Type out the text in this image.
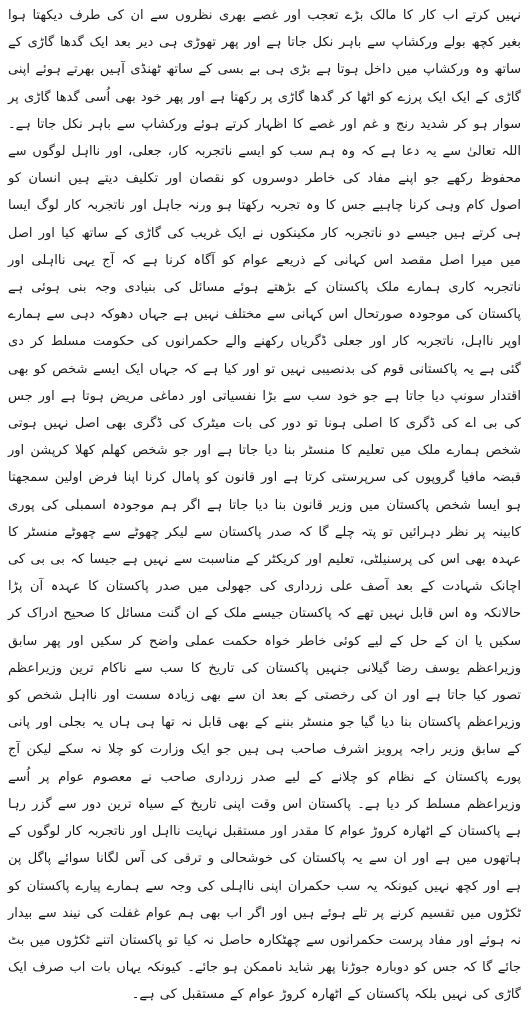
نہیں کرتے اب کار کا مالک بڑے تعجب اور غصے بھری نظروں سے ان کی طرف دیکھتا ہوا بغیر کچھ بولے ورکشاپ سے باہر نکل جاتا ہے اور پھر تھوڑی ہی دیر بعد ایک گدھا گاڑی کے ساتھ وہ ورکشاپ میں داخل ہوتا ہے بڑی ہی بے بسی کے ساتھ ٹھنڈی آہیں بھرتے ہوئے اپنی گاڑی کے ایک ایک پرزے کو اٹھا کر گدھا گاڑی پر رکھتا ہے اور پھر خود بھی اُسی گدھا گاڑی پر سوار ہو کر شدید رنج و غم اور غصے کا اظہار کرتے ہوئے ورکشاپ سے باہر نکل جاتا ہے۔ اللہ تعالیٰ سے یہ دعا ہے کہ وہ ہم سب کو ایسے ناتجربہ کار، جعلی، اور نااہل لوگوں سے محفوظ رکھے جو اپنے مفاد کی خاطر دوسروں کو نقصان اور تکلیف دیتے ہیں انسان کو اصول کام وہی کرنا چاہیے جس کا وہ تجربہ رکھتا ہو ورنہ جاہل اور ناتجربہ کار لوگ ایسا ہی کرتے ہیں جیسے دو ناتجربہ کار مکینکوں نے ایک غریب کی گاڑی کے ساتھ کیا اور اصل میں میرا اصل مقصد اس کہانی کے ذریعے عوام کو آگاہ کرنا ہے کہ آج یہی نااہلی اور ناتجربہ کاری ہمارے ملک پاکستان کے بڑھتے ہوئے مسائل کی بنیادی وجہ بنی ہوئی ہے پاکستان کی موجودہ صورتحال اس کہانی سے مختلف نہیں ہے جہاں دھوکہ دہی سے ہمارے اوپر نااہل، ناتجربہ کار اور جعلی ڈگریاں رکھنے والے حکمرانوں کی حکومت مسلط کر دی گئی ہے یہ پاکستانی قوم کی بدنصیبی نہیں تو اور کیا ہے کہ جہاں ایک ایسے شخص کو بھی اقتدار سونپ دیا جاتا ہے جو خود سب سے بڑا نفسیاتی اور دماغی مریض ہوتا ہے اور جس کی بی اے کی ڈگری کا اصلی ہونا تو دور کی بات میٹرک کی ڈگری بھی اصل نہیں ہوتی شخص ہمارے ملک میں تعلیم کا منسٹر بنا دیا جاتا ہے اور جو شخص کھلم کھلا کرپشن اور قبضہ مافیا گروپوں کی سرپرستی کرتا ہے اور قانون کو پامال کرنا اپنا فرض اولین سمجھتا ہو ایسا شخص پاکستان میں وزیر قانون بنا دیا جاتا ہے اگر ہم موجودہ اسمبلی کی پوری کابینہ پر نظر دہرائیں تو پتہ چلے گا کہ صدر پاکستان سے لیکر چھوٹے سے چھوٹے منسٹر کا عہدہ بھی اس کی پرسنیلٹی، تعلیم اور کریکٹر کے مناسبت سے نہیں ہے جیسا کہ بی بی کی اچانک شہادت کے بعد آصف علی زرداری کی جھولی میں صدر پاکستان کا عہدہ آن پڑا حالانکہ وہ اس قابل نہیں تھے کہ پاکستان جیسے ملک کے ان گنت مسائل کا صحیح ادراک کر سکیں یا ان کے حل کے لیے کوئی خاطر خواہ حکمت عملی واضح کر سکیں اور پھر سابق وزیراعظم یوسف رضا گیلانی جنہیں پاکستان کی تاریخ کا سب سے ناکام ترین وزیراعظم تصور کیا جاتا ہے اور ان کی رخصتی کے بعد ان سے بھی زیادہ سست اور نااہل شخص کو وزیراعظم پاکستان بنا دیا گیا جو منسٹر بننے کے بھی قابل نہ تھا ہی ہاں یہ بجلی اور پانی کے سابق وزیر راجہ پرویز اشرف صاحب ہی ہیں جو ایک وزارت کو چلا نہ سکے لیکن آج پورے پاکستان کے نظام کو چلانے کے لیے صدر زرداری صاحب نے معصوم عوام پر اُسے وزیراعظم مسلط کر دیا ہے۔ پاکستان اس وقت اپنی تاریخ کے سیاہ ترین دور سے گزر رہا ہے پاکستان کے اٹھارہ کروڑ عوام کا مقدر اور مستقبل نہایت نااہل اور ناتجربہ کار لوگوں کے ہاتھوں میں ہے اور ان سے یہ پاکستان کی خوشحالی و ترقی کی آس لگانا سوائے پاگل پن ہے اور کچھ نہیں کیونکہ یہ سب حکمران اپنی نااہلی کی وجہ سے ہمارے پیارے پاکستان کو ٹکڑوں میں تقسیم کرنے پر تلے ہوئے ہیں اور اگر اب بھی ہم عوام غفلت کی نیند سے بیدار نہ ہوئے اور مفاد پرست حکمرانوں سے چھٹکارہ حاصل نہ کیا تو پاکستان اتنے ٹکڑوں میں بٹ جائے گا کہ جس کو دوبارہ جوڑنا پھر شاید ناممکن ہو جائے۔ کیونکہ یہاں بات اب صرف ایک گاڑی کی نہیں بلکہ پاکستان کے اٹھارہ کروڑ عوام کے مستقبل کی ہے۔
